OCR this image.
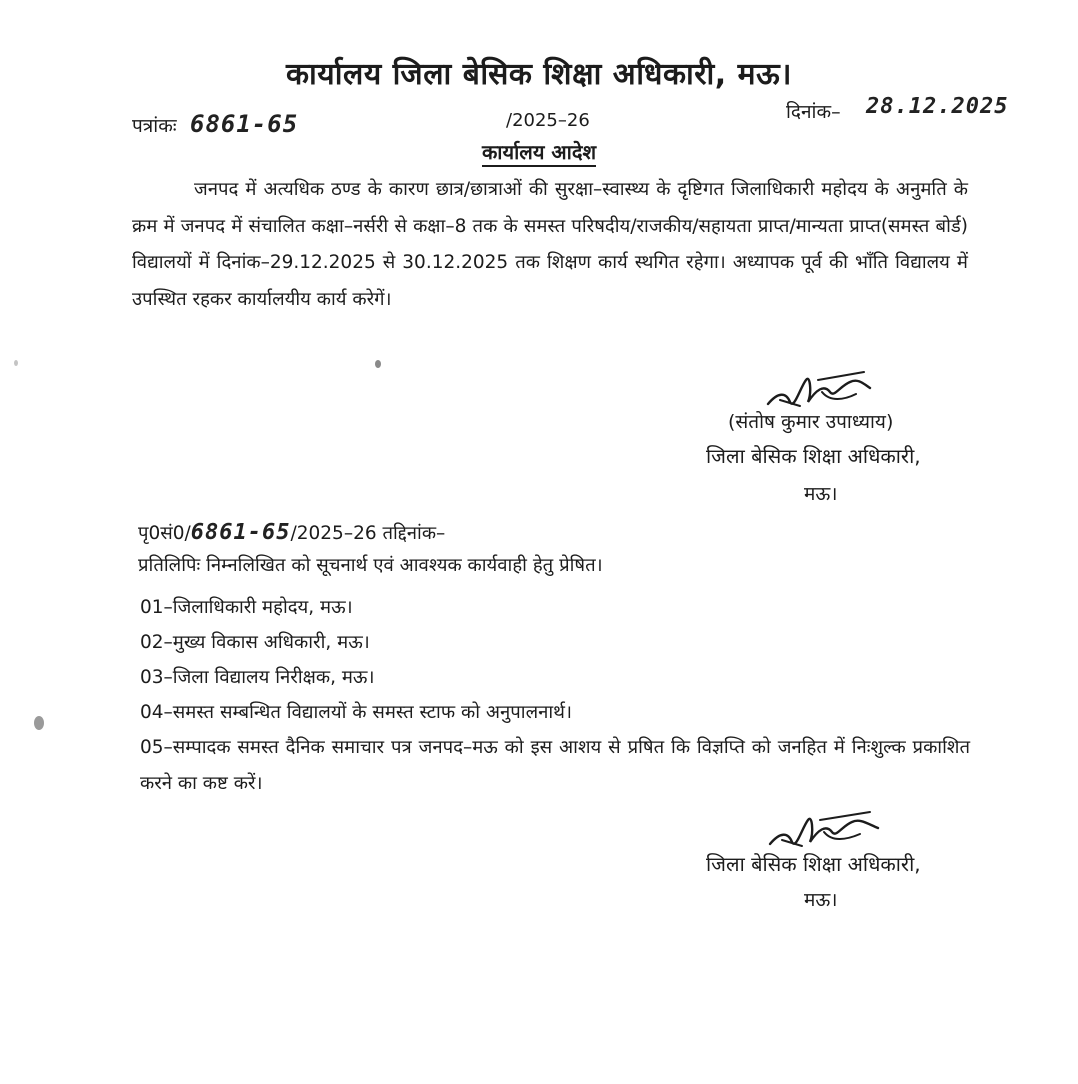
कार्यालय जिला बेसिक शिक्षा अधिकारी, मऊ।
पत्रांकः 6861-65	/2025–26	दिनांक– 28.12.2025
कार्यालय आदेश
जनपद में अत्यधिक ठण्ड के कारण छात्र/छात्राओं की सुरक्षा–स्वास्थ्य के दृष्टिगत जिलाधिकारी महोदय के अनुमति के क्रम में जनपद में संचालित कक्षा–नर्सरी से कक्षा–8 तक के समस्त परिषदीय/राजकीय/सहायता प्राप्त/मान्यता प्राप्त(समस्त बोर्ड) विद्यालयों में दिनांक–29.12.2025 से 30.12.2025 तक शिक्षण कार्य स्थगित रहेगा। अध्यापक पूर्व की भाँति विद्यालय में उपस्थित रहकर कार्यालयीय कार्य करेगें।
(संतोष कुमार उपाध्याय)
जिला बेसिक शिक्षा अधिकारी,
मऊ।
पृ0सं0/6861-65/2025–26 तद्दिनांक–
प्रतिलिपिः निम्नलिखित को सूचनार्थ एवं आवश्यक कार्यवाही हेतु प्रेषित।
01–जिलाधिकारी महोदय, मऊ।
02–मुख्य विकास अधिकारी, मऊ।
03–जिला विद्यालय निरीक्षक, मऊ।
04–समस्त सम्बन्धित विद्यालयों के समस्त स्टाफ को अनुपालनार्थ।
05–सम्पादक समस्त दैनिक समाचार पत्र जनपद–मऊ को इस आशय से प्रषित कि विज्ञप्ति को जनहित में निःशुल्क प्रकाशित करने का कष्ट करें।
जिला बेसिक शिक्षा अधिकारी,
मऊ।
